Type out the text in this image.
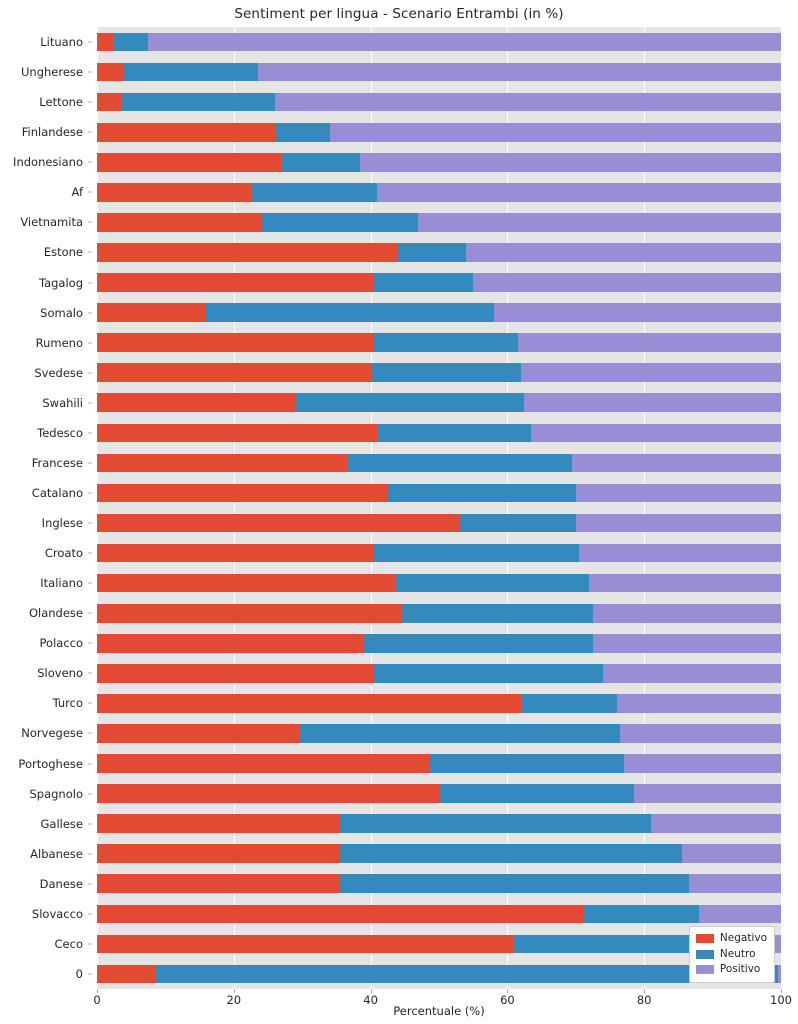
Sentiment per lingua - Scenario Entrambi (in %)
Lituano
Ungherese
Lettone
Finlandese
Indonesiano
Af
Vietnamita
Estone
Tagalog
Somalo
Rumeno
Svedese
Swahili
Tedesco
Francese
Catalano
Inglese
Croato
Italiano
Olandese
Polacco
Sloveno
Turco
Norvegese
Portoghese
Spagnolo
Gallese
Albanese
Danese
Slovacco
Ceco
0
Negativo
Neutro
Positivo
0	20	40	60	80	100
Percentuale (%)
